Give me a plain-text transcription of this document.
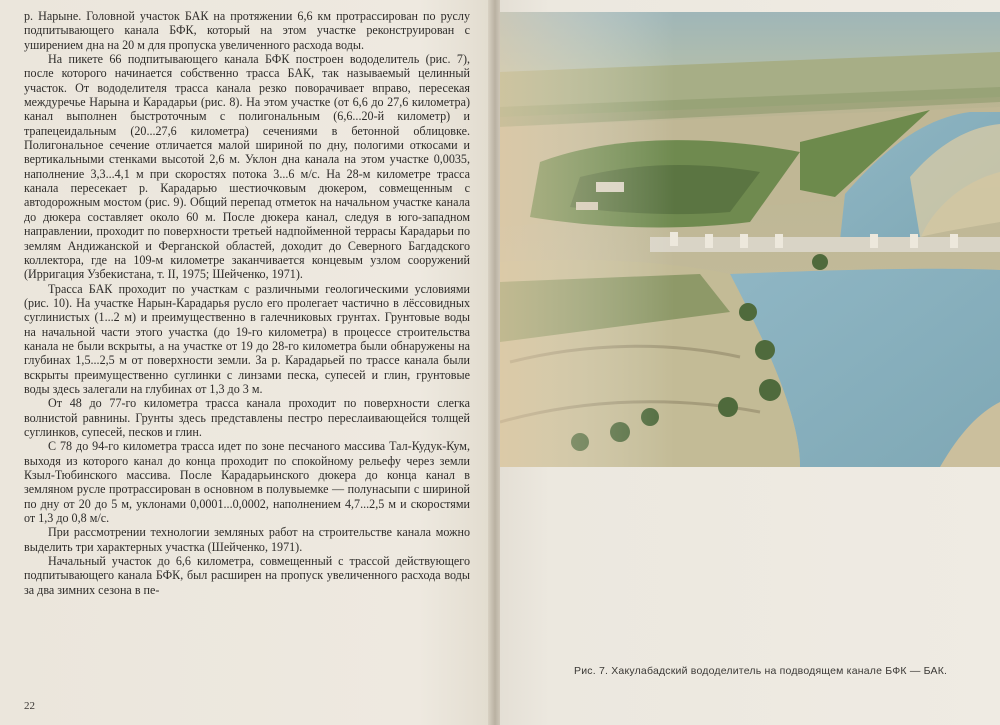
р. Нарыне. Головной участок БАК на протяжении 6,6 км протрассирован по руслу подпитывающего канала БФК, который на этом участке реконструирован с уширением дна на 20 м для пропуска увеличенного расхода воды.

На пикете 66 подпитывающего канала БФК построен вододелитель (рис. 7), после которого начинается собственно трасса БАК, так называемый целинный участок. От вододелителя трасса канала резко поворачивает вправо, пересекая междуречье Нарына и Карадарьи (рис. 8). На этом участке (от 6,6 до 27,6 километра) канал выполнен быстроточным с полигональным (6,6...20-й километр) и трапецеидальным (20...27,6 километра) сечениями в бетонной облицовке. Полигональное сечение отличается малой шириной по дну, пологими откосами и вертикальными стенками высотой 2,6 м. Уклон дна канала на этом участке 0,0035, наполнение 3,3...4,1 м при скоростях потока 3...6 м/с. На 28-м километре трасса канала пересекает р. Карадарью шестиочковым дюкером, совмещенным с автодорожным мостом (рис. 9). Общий перепад отметок на начальном участке канала до дюкера составляет около 60 м. После дюкера канал, следуя в юго-западном направлении, проходит по поверхности третьей надпойменной террасы Карадарьи по землям Андижанской и Ферганской областей, доходит до Северного Багдадского коллектора, где на 109-м километре заканчивается концевым узлом сооружений (Ирригация Узбекистана, т. II, 1975; Шейченко, 1971).

Трасса БАК проходит по участкам с различными геологическими условиями (рис. 10). На участке Нарын-Карадарья русло его пролегает частично в лёссовидных суглинистых (1...2 м) и преимущественно в галечниковых грунтах. Грунтовые воды на начальной части этого участка (до 19-го километра) в процессе строительства канала не были вскрыты, а на участке от 19 до 28-го километра были обнаружены на глубинах 1,5...2,5 м от поверхности земли. За р. Карадарьей по трассе канала были вскрыты преимущественно суглинки с линзами песка, супесей и глин, грунтовые воды здесь залегали на глубинах от 1,3 до 3 м.

От 48 до 77-го километра трасса канала проходит по поверхности слегка волнистой равнины. Грунты здесь представлены пестро переслаивающейся толщей суглинков, супесей, песков и глин.

С 78 до 94-го километра трасса идет по зоне песчаного массива Тал-Кудук-Кум, выходя из которого канал до конца проходит по спокойному рельефу через земли Кзыл-Тюбинского массива. После Карадарьинского дюкера до конца канал в земляном русле протрассирован в основном в полувыемке — полунасыпи с шириной по дну от 20 до 5 м, уклонами 0,0001...0,0002, наполнением 4,7...2,5 м и скоростями от 1,3 до 0,8 м/с.

При рассмотрении технологии земляных работ на строительстве канала можно выделить три характерных участка (Шейченко, 1971).

Начальный участок до 6,6 километра, совмещенный с трассой действующего подпитывающего канала БФК, был расширен на пропуск увеличенного расхода воды за два зимних сезона в пе-

22
Рис. 7. Хакулабадский вододелитель на подводящем канале БФК — БАК.
